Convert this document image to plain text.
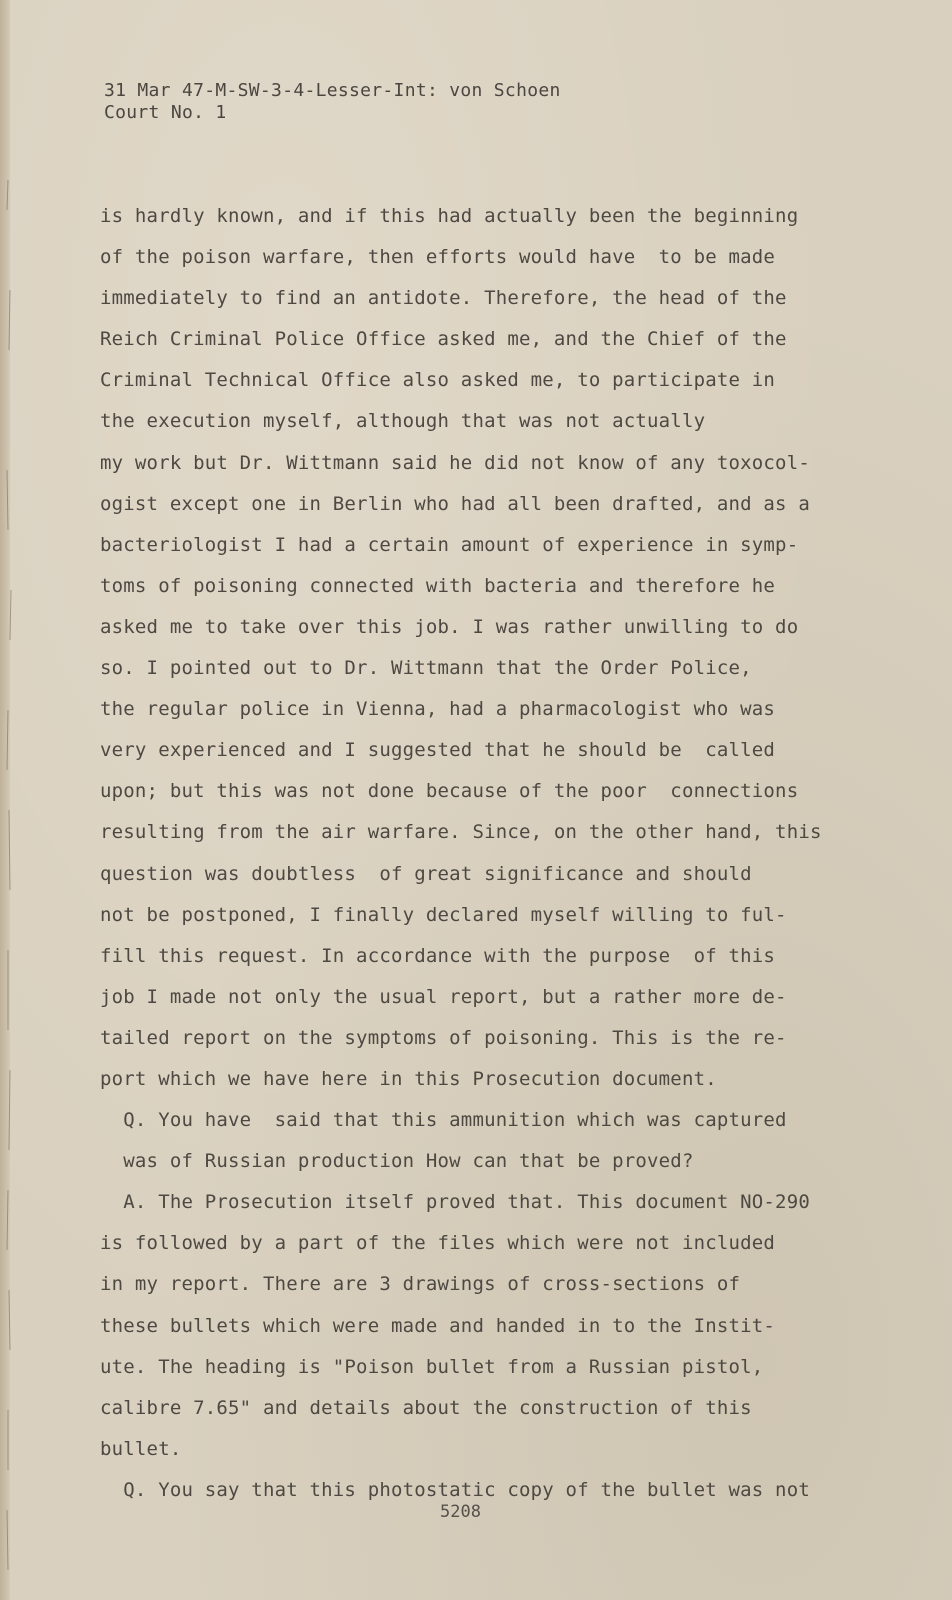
31 Mar 47-M-SW-3-4-Lesser-Int: von Schoen
Court No. 1
is hardly known, and if this had actually been the beginning
of the poison warfare, then efforts would have  to be made
immediately to find an antidote. Therefore, the head of the
Reich Criminal Police Office asked me, and the Chief of the
Criminal Technical Office also asked me, to participate in
the execution myself, although that was not actually
my work but Dr. Wittmann said he did not know of any toxocol-
ogist except one in Berlin who had all been drafted, and as a
bacteriologist I had a certain amount of experience in symp-
toms of poisoning connected with bacteria and therefore he
asked me to take over this job. I was rather unwilling to do
so. I pointed out to Dr. Wittmann that the Order Police,
the regular police in Vienna, had a pharmacologist who was
very experienced and I suggested that he should be  called
upon; but this was not done because of the poor  connections
resulting from the air warfare. Since, on the other hand, this
question was doubtless  of great significance and should
not be postponed, I finally declared myself willing to ful-
fill this request. In accordance with the purpose  of this
job I made not only the usual report, but a rather more de-
tailed report on the symptoms of poisoning. This is the re-
port which we have here in this Prosecution document.
Q. You have  said that this ammunition which was captured
was of Russian production How can that be proved?
A. The Prosecution itself proved that. This document NO-290
is followed by a part of the files which were not included
in my report. There are 3 drawings of cross-sections of
these bullets which were made and handed in to the Instit-
ute. The heading is "Poison bullet from a Russian pistol,
calibre 7.65" and details about the construction of this
bullet.
Q. You say that this photostatic copy of the bullet was not
5208
